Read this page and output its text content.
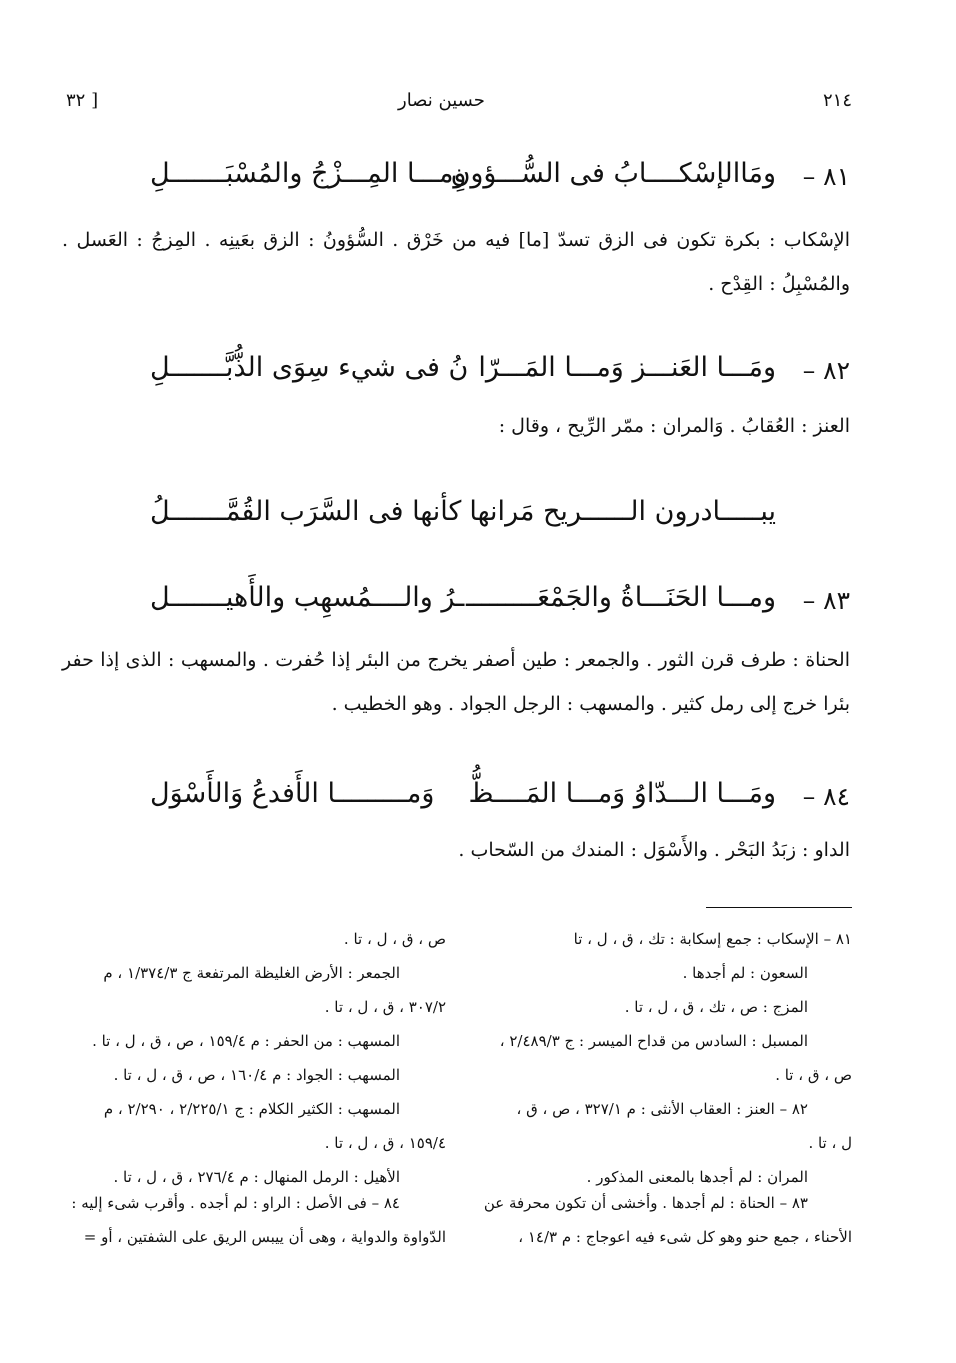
٢١٤
حسين نصار
[ ٣٢
٨١ –
ومَاالإسْكــــابُ فى السُّـــؤونِ
ومـــا المِـــزْجُ والمُسْبَـــــــلِ
الإسْكاب : بكرة تكون فى الزق تسدّ [ما] فيه من خَرْق . السُّؤونُ : الزق بعَينِه . المِزجُ : العَسل . والمُسْبِلُ : القِدْح .
٨٢ –
ومَـــا العَنـــز وَمـــا المَـــرّا
نُ فى شيء سِوَى الذُّبَّـــــــلِ
العنز : العُقابُ . وَالمران : ممّر الرِّيح ، وقال :
يبـــــادرون الــــــريح مَرانها
كأنها فى السَّرَب القُمَّـــــــلُ
٨٣ –
ومـــا الحَنَـــاةُ والجَمْعَـــــــــ
ـرُ والــــمُسهِب والأَهيـــــــل
الحناة : طرف قرن الثور . والجمعر : طين أصفر يخرج من البئر إذا حُفرت . والمسهب : الذى إذا حفر بئرا خرج إلى رمل كثير . والمسهب : الرجل الجواد . وهو الخطيب .
٨٤ –
ومَـــا الـــدّاوُ وَمـــا المَــــظُّ
وَمـــــــــا الأَفدعُ وَالأَسْوَل
الداو : زبَدُ البَحْر . والأَسْوَل : المندك من السّحاب .
٨١ – الإسكاب : جمع إسكابة : تك ، ق ، ل ، تا
السعون : لم أجدها .
المزج : ص ، تك ، ق ، ل ، تا .
المسبل : السادس من قداح الميسر : ج ٢/٤٨٩/٣ ،
ص ، ق ، تا .
٨٢ – العنز : العقاب الأنثى : م ٣٢٧/١ ، ص ، ق ،
ل ، تا .
المران : لم أجدها بالمعنى المذكور .
٨٣ – الحناة : لم أجدها . وأخشى أن تكون محرفة عن
الأحناء ، جمع حنو وهو كل شىء فيه اعوجاج : م ١٤/٣ ،
ص ، ق ، ل ، تا .
الجمعر : الأرض الغليظة المرتفعة ج ١/٣٧٤/٣ ، م
٣٠٧/٢ ، ق ، ل ، تا .
المسهب : من الحفر : م ١٥٩/٤ ، ص ، ق ، ل ، تا .
المسهب : الجواد : م ١٦٠/٤ ، ص ، ق ، ل ، تا .
المسهب : الكثير الكلام : ج ٢/٢٢٥/١ ، ٢/٢٩٠ ، م
١٥٩/٤ ، ق ، ل ، تا .
الأهيل : الرمل المنهال : م ٢٧٦/٤ ، ق ، ل ، تا .
٨٤ – فى الأصل : الراو : لم أجده . وأقرب شىء إليه :
الدّواوة والدواية ، وهى أن ييبس الريق على الشفتين ، أو =
